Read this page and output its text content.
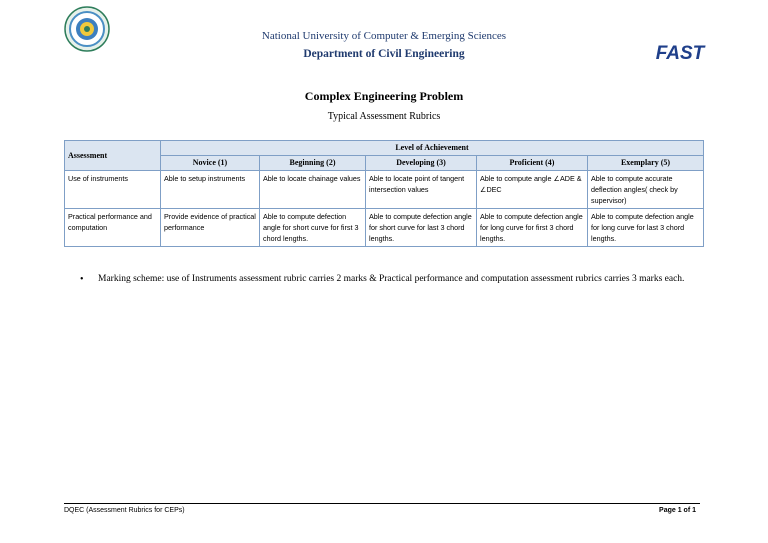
National University of Computer & Emerging Sciences
Department of Civil Engineering	FAST
Complex Engineering Problem
Typical Assessment Rubrics
Assessment	Level of Achievement				
	Novice (1)	Beginning (2)	Developing (3)	Proficient (4)	Exemplary (5)
Use of instruments	Able to setup instruments	Able to locate chainage values	Able to locate point of tangent intersection values	Able to compute angle ∠ADE & ∠DEC	Able to compute accurate deflection angles( check by supervisor)
Practical performance and computation	Provide evidence of practical performance	Able to compute defection angle for short curve for first 3 chord lengths.	Able to compute defection angle for short curve for last 3 chord lengths.	Able to compute defection angle for long curve for first 3 chord lengths.	Able to compute defection angle for long curve for last 3 chord lengths.
• Marking scheme: use of Instruments assessment rubric carries 2 marks & Practical performance and computation assessment rubrics carries 3 marks each.
DQEC (Assessment Rubrics for CEPs)	Page 1 of 1
